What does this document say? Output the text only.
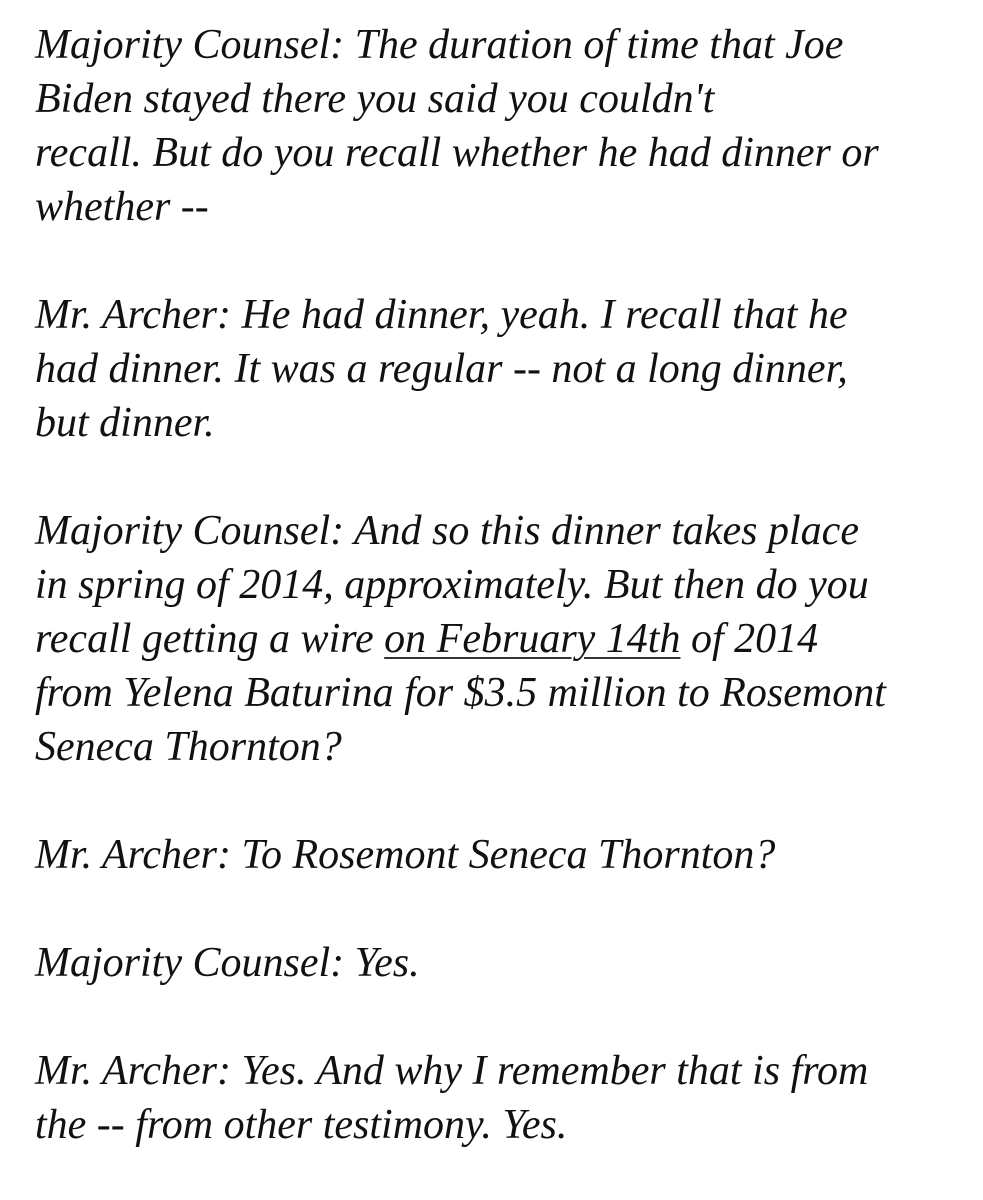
Majority Counsel: The duration of time that Joe
Biden stayed there you said you couldn't
recall. But do you recall whether he had dinner or
whether --

Mr. Archer: He had dinner, yeah. I recall that he
had dinner. It was a regular -- not a long dinner,
but dinner.

Majority Counsel: And so this dinner takes place
in spring of 2014, approximately. But then do you
recall getting a wire on February 14th of 2014
from Yelena Baturina for $3.5 million to Rosemont
Seneca Thornton?

Mr. Archer: To Rosemont Seneca Thornton?

Majority Counsel: Yes.

Mr. Archer: Yes. And why I remember that is from
the -- from other testimony. Yes.
